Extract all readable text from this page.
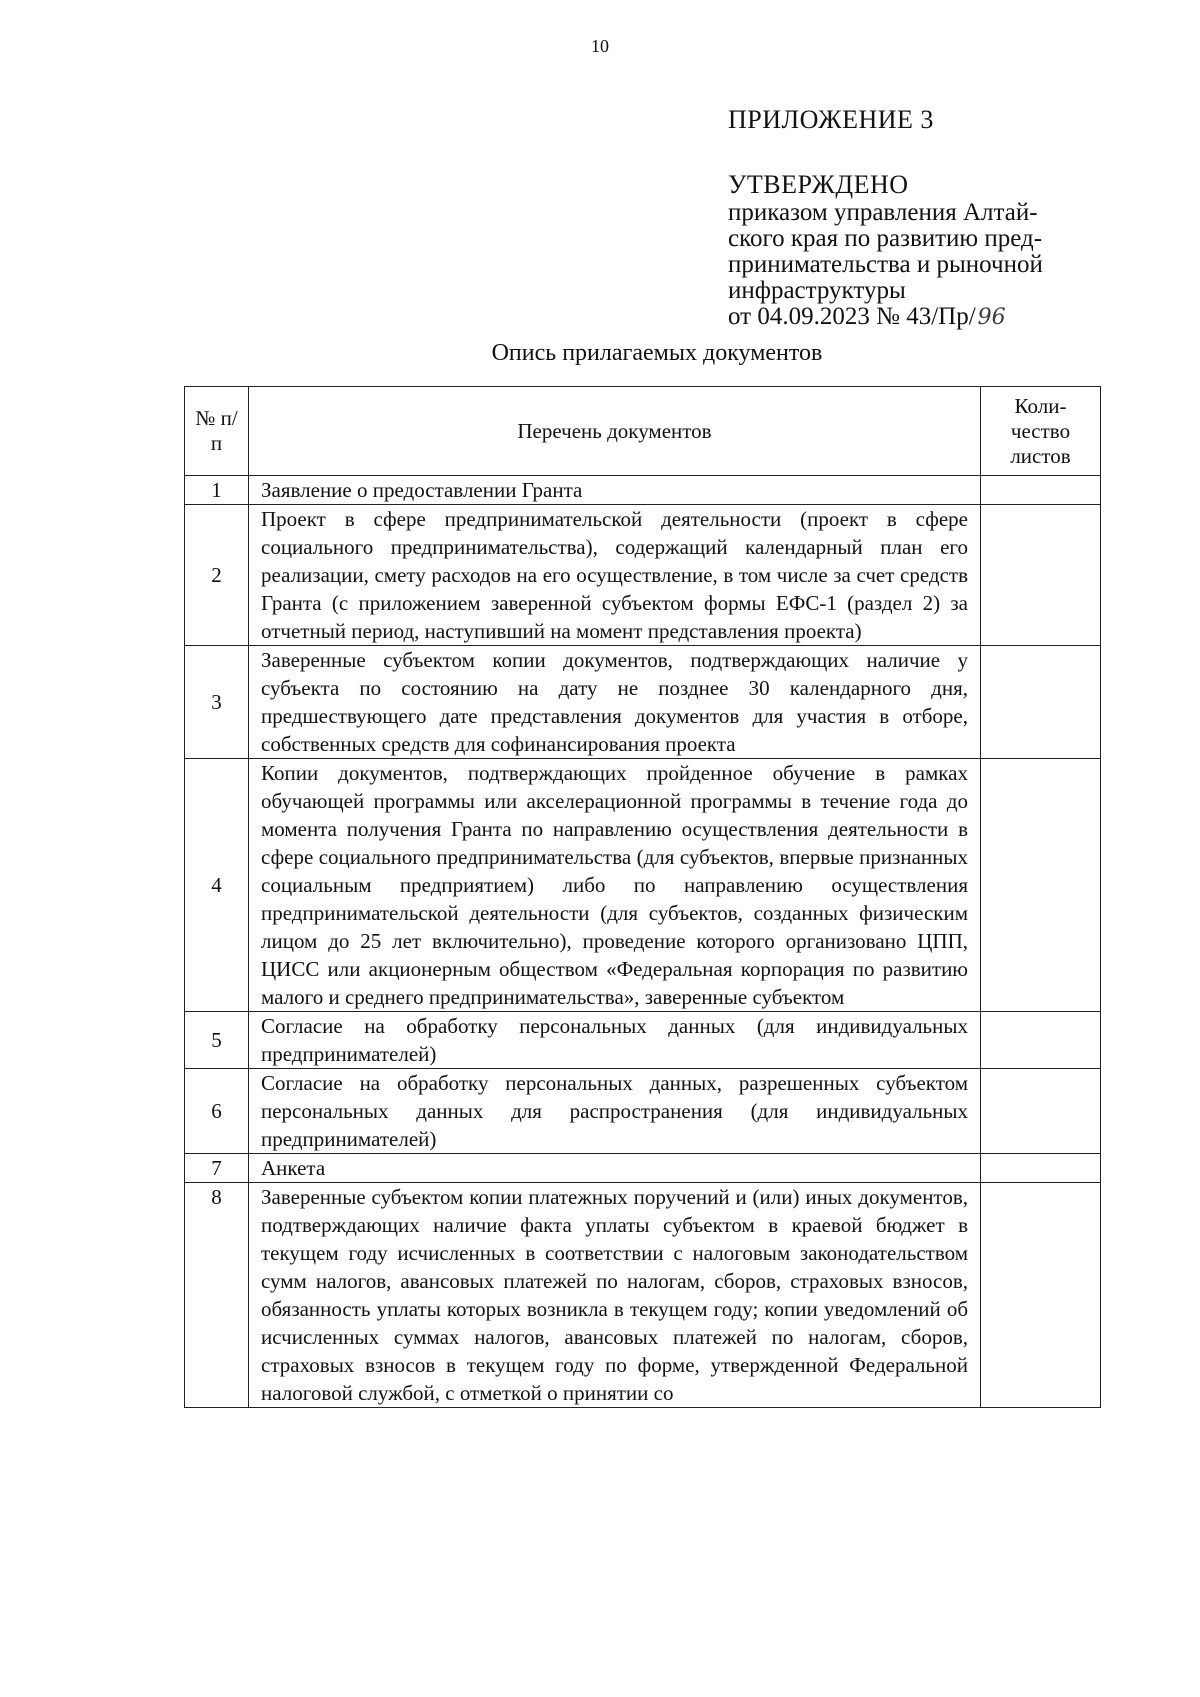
10
ПРИЛОЖЕНИЕ 3
УТВЕРЖДЕНО
приказом управления Алтай-
ского края по развитию пред-
принимательства и рыночной
инфраструктуры
от 04.09.2023 № 43/Пр/96
Опись прилагаемых документов
№ п/п	Перечень документов	Коли- чество листов
1	Заявление о предоставлении Гранта	
2	Проект в сфере предпринимательской деятельности (проект в сфере социального предпринимательства), содержащий календарный план его реализации, смету расходов на его осуществление, в том числе за счет средств Гранта (с приложением заверенной субъектом формы ЕФС-1 (раздел 2) за отчетный период, наступивший на момент представления проекта)	
3	Заверенные субъектом копии документов, подтверждающих наличие у субъекта по состоянию на дату не позднее 30 календарного дня, предшествующего дате представления документов для участия в отборе, собственных средств для софинансирования проекта	
4	Копии документов, подтверждающих пройденное обучение в рамках обучающей программы или акселерационной программы в течение года до момента получения Гранта по направлению осуществления деятельности в сфере социального предпринимательства (для субъектов, впервые признанных социальным предприятием) либо по направлению осуществления предпринимательской деятельности (для субъектов, созданных физическим лицом до 25 лет включительно), проведение которого организовано ЦПП, ЦИСС или акционерным обществом «Федеральная корпорация по развитию малого и среднего предпринимательства», заверенные субъектом	
5	Согласие на обработку персональных данных (для индивидуальных предпринимателей)	
6	Согласие на обработку персональных данных, разрешенных субъектом персональных данных для распространения (для индивидуальных предпринимателей)	
7	Анкета	
8	Заверенные субъектом копии платежных поручений и (или) иных документов, подтверждающих наличие факта уплаты субъектом в краевой бюджет в текущем году исчисленных в соответствии с налоговым законодательством сумм налогов, авансовых платежей по налогам, сборов, страховых взносов, обязанность уплаты которых возникла в текущем году; копии уведомлений об исчисленных суммах налогов, авансовых платежей по налогам, сборов, страховых взносов в текущем году по форме, утвержденной Федеральной налоговой службой, с отметкой о принятии со	
